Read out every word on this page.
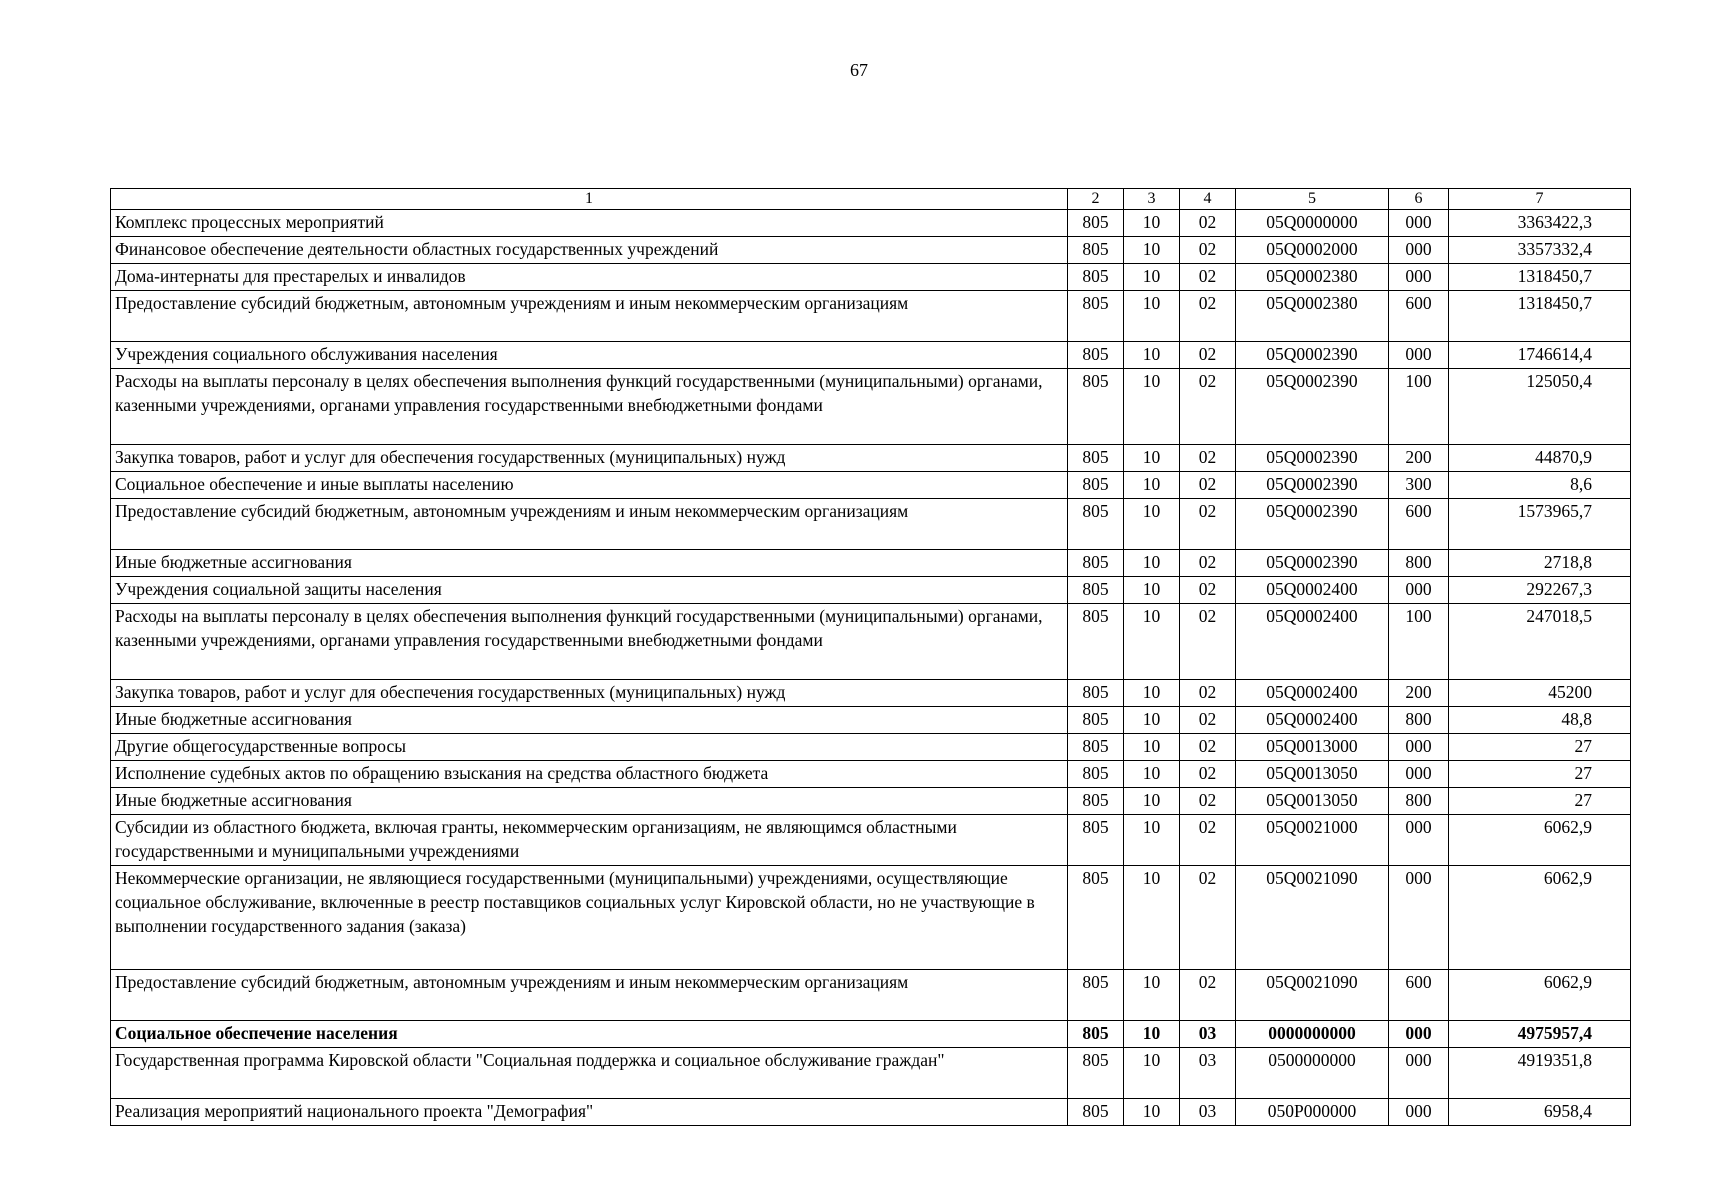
67
1	2	3	4	5	6	7
Комплекс процессных мероприятий	805	10	02	05Q0000000	000	3363422,3
Финансовое обеспечение деятельности областных государственных учреждений	805	10	02	05Q0002000	000	3357332,4
Дома-интернаты для престарелых и инвалидов	805	10	02	05Q0002380	000	1318450,7
Предоставление субсидий бюджетным, автономным учреждениям и иным некоммерческим организациям	805	10	02	05Q0002380	600	1318450,7
Учреждения социального обслуживания населения	805	10	02	05Q0002390	000	1746614,4
Расходы на выплаты персоналу в целях обеспечения выполнения функций государственными (муниципальными) органами, казенными учреждениями, органами управления государственными внебюджетными фондами	805	10	02	05Q0002390	100	125050,4
Закупка товаров, работ и услуг для обеспечения государственных (муниципальных) нужд	805	10	02	05Q0002390	200	44870,9
Социальное обеспечение и иные выплаты населению	805	10	02	05Q0002390	300	8,6
Предоставление субсидий бюджетным, автономным учреждениям и иным некоммерческим организациям	805	10	02	05Q0002390	600	1573965,7
Иные бюджетные ассигнования	805	10	02	05Q0002390	800	2718,8
Учреждения социальной защиты населения	805	10	02	05Q0002400	000	292267,3
Расходы на выплаты персоналу в целях обеспечения выполнения функций государственными (муниципальными) органами, казенными учреждениями, органами управления государственными внебюджетными фондами	805	10	02	05Q0002400	100	247018,5
Закупка товаров, работ и услуг для обеспечения государственных (муниципальных) нужд	805	10	02	05Q0002400	200	45200
Иные бюджетные ассигнования	805	10	02	05Q0002400	800	48,8
Другие общегосударственные вопросы	805	10	02	05Q0013000	000	27
Исполнение судебных актов по обращению взыскания на средства областного бюджета	805	10	02	05Q0013050	000	27
Иные бюджетные ассигнования	805	10	02	05Q0013050	800	27
Субсидии из областного бюджета, включая гранты, некоммерческим организациям, не являющимся областными государственными и муниципальными учреждениями	805	10	02	05Q0021000	000	6062,9
Некоммерческие организации, не являющиеся государственными (муниципальными) учреждениями, осуществляющие социальное обслуживание, включенные в реестр поставщиков социальных услуг Кировской области, но не участвующие в выполнении государственного задания (заказа)	805	10	02	05Q0021090	000	6062,9
Предоставление субсидий бюджетным, автономным учреждениям и иным некоммерческим организациям	805	10	02	05Q0021090	600	6062,9
Социальное обеспечение населения	805	10	03	0000000000	000	4975957,4
Государственная программа Кировской области "Социальная поддержка и социальное обслуживание граждан"	805	10	03	0500000000	000	4919351,8
Реализация мероприятий национального проекта "Демография"	805	10	03	050P000000	000	6958,4
